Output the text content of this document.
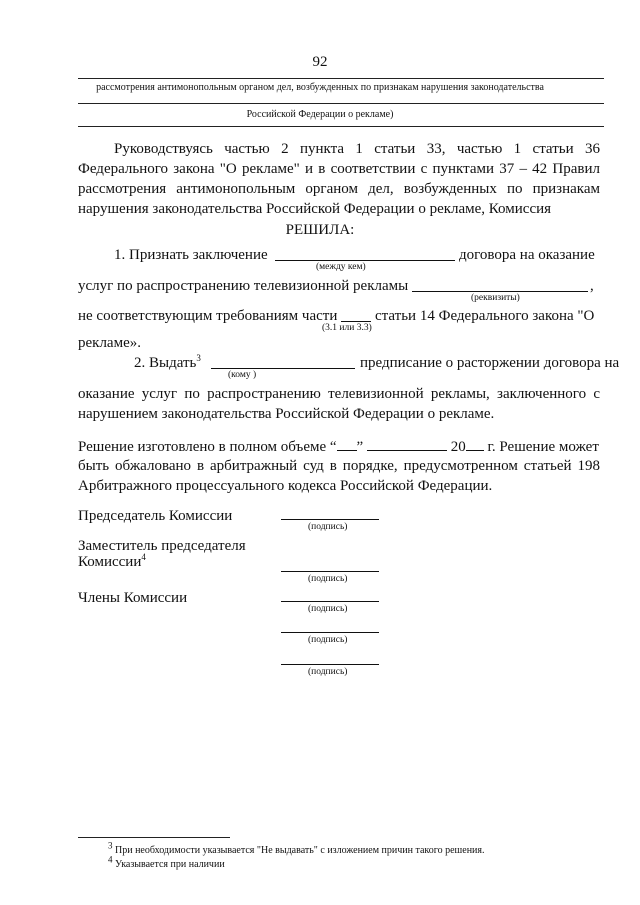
92
рассмотрения антимонопольным органом дел, возбужденных по признакам нарушения законодательства
Российской Федерации о рекламе)
Руководствуясь частью 2 пункта 1 статьи 33, частью 1 статьи 36
Федерального закона "О рекламе" и в соответствии с пунктами 37 – 42 Правил
рассмотрения антимонопольным органом дел, возбужденных по признакам
нарушения законодательства Российской Федерации о рекламе, Комиссия
РЕШИЛА:
1. Признать заключение	договора на оказание
(между кем)
услуг по распространению телевизионной рекламы	,
(реквизиты)
не соответствующим требованиям части	статьи 14 Федерального закона "О
(3.1 или 3.3)
рекламе».
2. Выдать$^3$	предписание о расторжении договора на
(кому )
оказание услуг по распространению телевизионной рекламы, заключенного с
нарушением законодательства Российской Федерации о рекламе.
Решение изготовлено в полном объеме “ ”	20 г. Решение может
быть обжаловано в арбитражный суд в порядке, предусмотренном статьей 198
Арбитражного процессуального кодекса Российской Федерации.
Председатель Комиссии
(подпись)
Заместитель председателя
Комиссии$^4$
(подпись)
Члены Комиссии
(подпись)
(подпись)
(подпись)
$^3$ При необходимости указывается "Не выдавать" с изложением причин такого решения.
$^4$ Указывается при наличии
